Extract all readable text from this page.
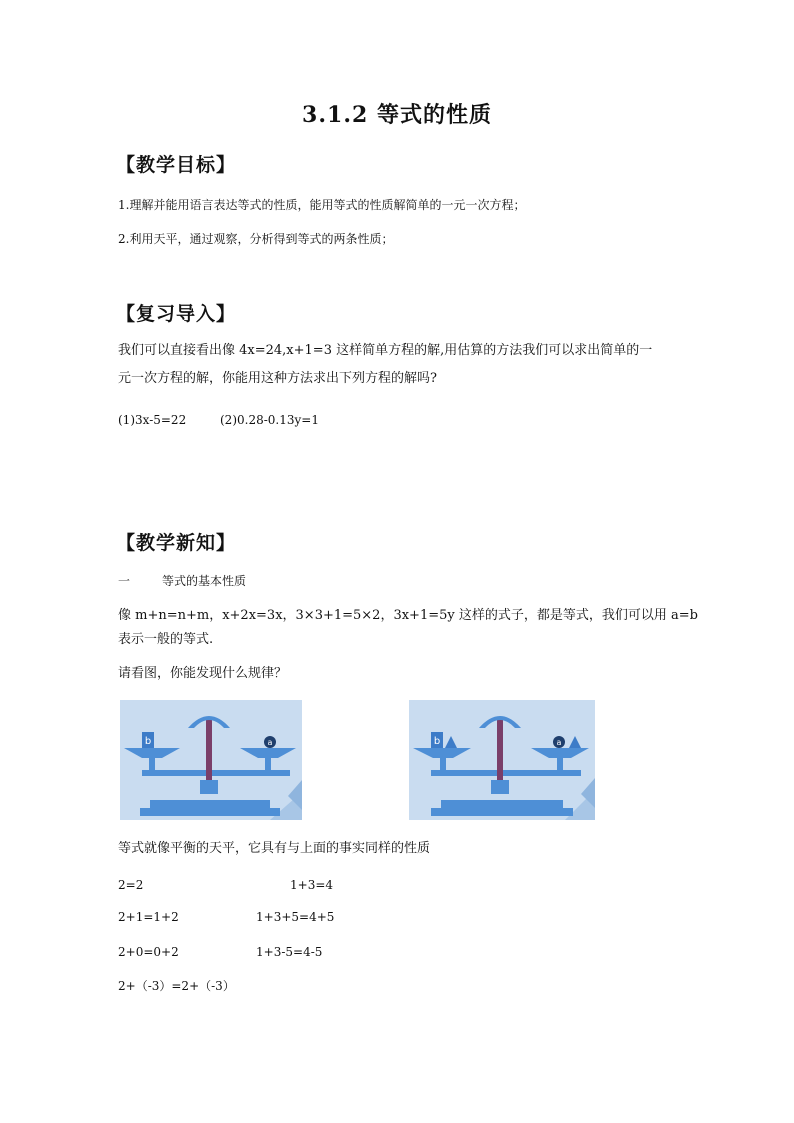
3.1.2 等式的性质
【教学目标】
1.理解并能用语言表达等式的性质，能用等式的性质解简单的一元一次方程；
2.利用天平，通过观察，分析得到等式的两条性质；
【复习导入】
我们可以直接看出像 4x=24,x+1=3 这样简单方程的解,用估算的方法我们可以求出简单的一
元一次方程的解，你能用这种方法求出下列方程的解吗?
(1)3x-5=22	(2)0.28-0.13y=1
【教学新知】
一	等式的基本性质
像 m+n=n+m，x+2x=3x，3×3+1=5×2，3x+1=5y 这样的式子，都是等式，我们可以用 a=b
表示一般的等式.
请看图，你能发现什么规律？
b	a	b	a
等式就像平衡的天平，它具有与上面的事实同样的性质
2=2	1+3=4
2+1=1+2	1+3+5=4+5
2+0=0+2	1+3-5=4-5
2+（-3）=2+（-3）
